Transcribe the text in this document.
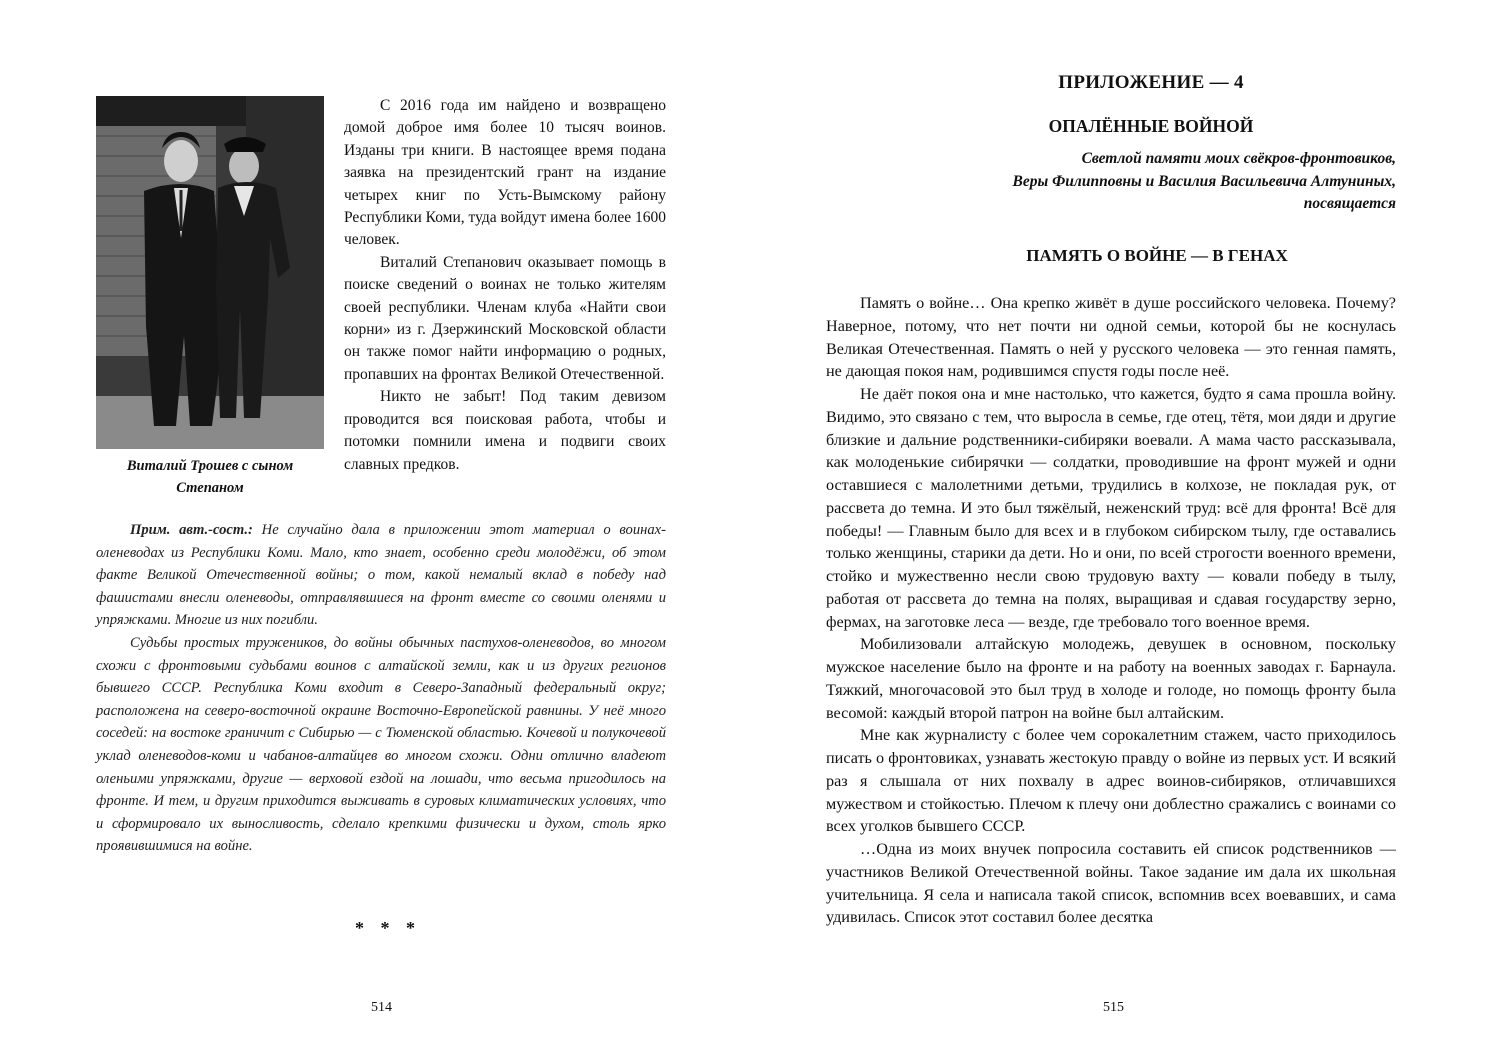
Виталий Трошев с сыном Степаном

С 2016 года им найдено и возвращено домой доброе имя более 10 тысяч воинов. Изданы три книги. В настоящее время подана заявка на президентский грант на издание четырех книг по Усть-Вымскому району Республики Коми, туда войдут имена более 1600 человек.

Виталий Степанович оказывает помощь в поиске сведений о воинах не только жителям своей республики. Членам клуба «Найти свои корни» из г. Дзержинский Московской области он также помог найти информацию о родных, пропавших на фронтах Великой Отечественной.

Никто не забыт! Под таким девизом проводится вся поисковая работа, чтобы и потомки помнили имена и подвиги своих славных предков.

Прим. авт.-сост.: Не случайно дала в приложении этот материал о воинах-оленеводах из Республики Коми. Мало, кто знает, особенно среди молодёжи, об этом факте Великой Отечественной войны; о том, какой немалый вклад в победу над фашистами внесли оленеводы, отправлявшиеся на фронт вместе со своими оленями и упряжками. Многие из них погибли.

Судьбы простых тружеников, до войны обычных пастухов-оленеводов, во многом схожи с фронтовыми судьбами воинов с алтайской земли, как и из других регионов бывшего СССР. Республика Коми входит в Северо-Западный федеральный округ; расположена на северо-восточной окраине Восточно-Европейской равнины. У неё много соседей: на востоке граничит с Сибирью — с Тюменской областью. Кочевой и полукочевой уклад оленеводов-коми и чабанов-алтайцев во многом схожи. Одни отлично владеют оленьими упряжками, другие — верховой ездой на лошади, что весьма пригодилось на фронте. И тем, и другим приходится выживать в суровых климатических условиях, что и сформировало их выносливость, сделало крепкими физически и духом, столь ярко проявившимися на войне.

* * *
514
ПРИЛОЖЕНИЕ — 4
ОПАЛЁННЫЕ ВОЙНОЙ
Светлой памяти моих свёкров-фронтовиков,
Веры Филипповны и Василия Васильевича Алтуниных,
посвящается
ПАМЯТЬ О ВОЙНЕ — В ГЕНАХ

Память о войне… Она крепко живёт в душе российского человека. Почему? Наверное, потому, что нет почти ни одной семьи, которой бы не коснулась Великая Отечественная. Память о ней у русского человека — это генная память, не дающая покоя нам, родившимся спустя годы после неё.

Не даёт покоя она и мне настолько, что кажется, будто я сама прошла войну. Видимо, это связано с тем, что выросла в семье, где отец, тётя, мои дяди и другие близкие и дальние родственники-сибиряки воевали. А мама часто рассказывала, как молоденькие сибирячки — солдатки, проводившие на фронт мужей и одни оставшиеся с малолетними детьми, трудились в колхозе, не покладая рук, от рассвета до темна. И это был тяжёлый, неженский труд: всё для фронта! Всё для победы! — Главным было для всех и в глубоком сибирском тылу, где оставались только женщины, старики да дети. Но и они, по всей строгости военного времени, стойко и мужественно несли свою трудовую вахту — ковали победу в тылу, работая от рассвета до темна на полях, выращивая и сдавая государству зерно, фермах, на заготовке леса — везде, где требовало того военное время.

Мобилизовали алтайскую молодежь, девушек в основном, поскольку мужское население было на фронте и на работу на военных заводах г. Барнаула. Тяжкий, многочасовой это был труд в холоде и голоде, но помощь фронту была весомой: каждый второй патрон на войне был алтайским.

Мне как журналисту с более чем сорокалетним стажем, часто приходилось писать о фронтовиках, узнавать жестокую правду о войне из первых уст. И всякий раз я слышала от них похвалу в адрес воинов-сибиряков, отличавшихся мужеством и стойкостью. Плечом к плечу они доблестно сражались с воинами со всех уголков бывшего СССР.

…Одна из моих внучек попросила составить ей список родственников — участников Великой Отечественной войны. Такое задание им дала их школьная учительница. Я села и написала такой список, вспомнив всех воевавших, и сама удивилась. Список этот составил более десятка

515
